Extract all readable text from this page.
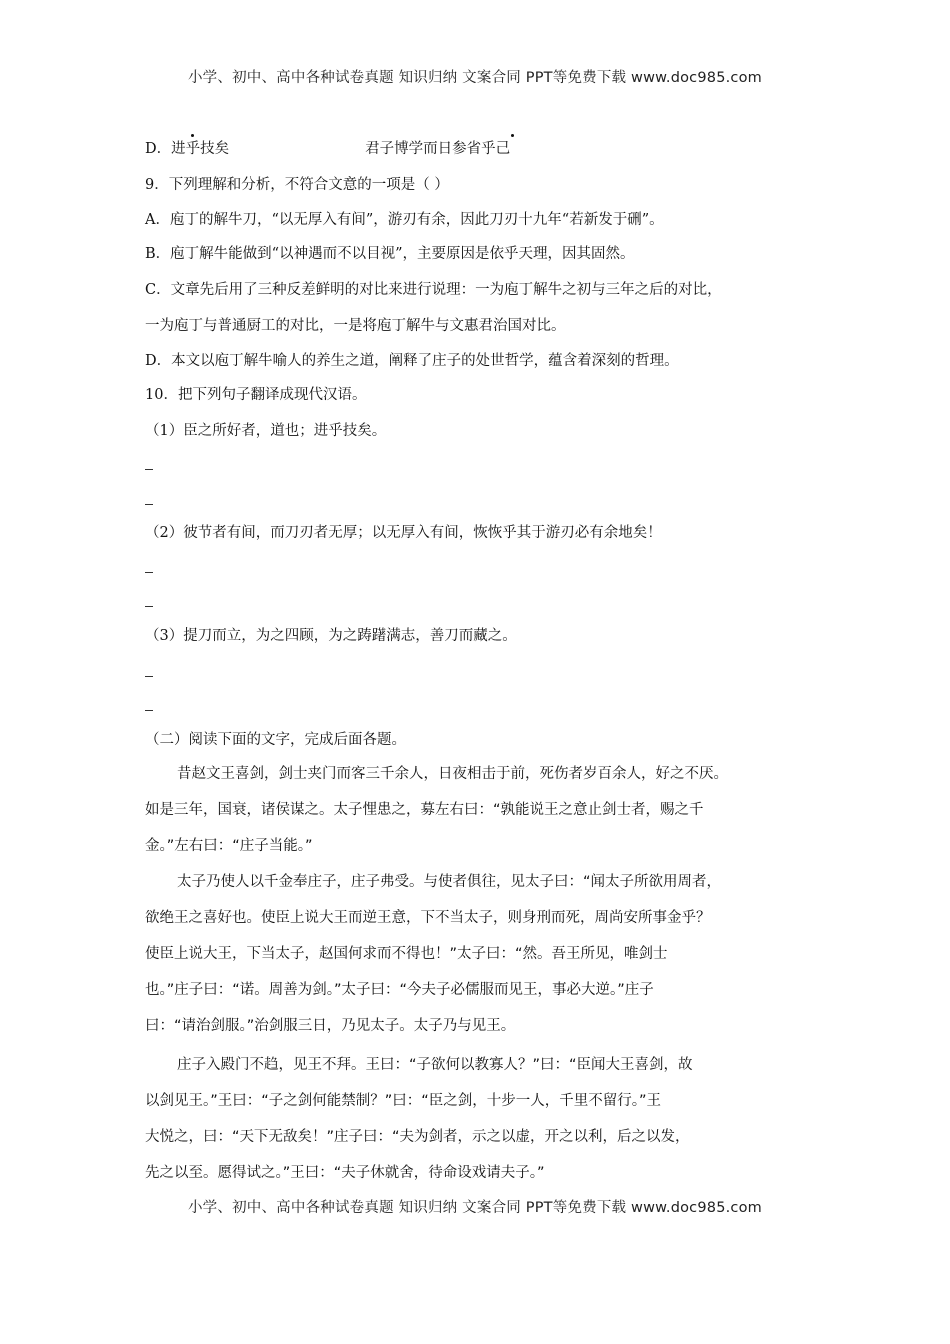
小学、初中、高中各种试卷真题 知识归纳 文案合同 PPT等免费下载 www.doc985.com
D．进乎技矣	君子博学而日参省乎己
9．下列理解和分析，不符合文意的一项是（ ）
A．庖丁的解牛刀，“以无厚入有间”，游刃有余，因此刀刃十九年“若新发于硎”。
B．庖丁解牛能做到“以神遇而不以目视”，主要原因是依乎天理，因其固然。
C．文章先后用了三种反差鲜明的对比来进行说理：一为庖丁解牛之初与三年之后的对比，
一为庖丁与普通厨工的对比，一是将庖丁解牛与文惠君治国对比。
D．本文以庖丁解牛喻人的养生之道，阐释了庄子的处世哲学，蕴含着深刻的哲理。
10．把下列句子翻译成现代汉语。
（1）臣之所好者，道也；进乎技矣。
（2）彼节者有间，而刀刃者无厚；以无厚入有间，恢恢乎其于游刃必有余地矣！
（3）提刀而立，为之四顾，为之踌躇满志，善刀而藏之。
（二）阅读下面的文字，完成后面各题。
昔赵文王喜剑，剑士夹门而客三千余人，日夜相击于前，死伤者岁百余人，好之不厌。
如是三年，国衰，诸侯谋之。太子悝患之，募左右曰：“孰能说王之意止剑士者，赐之千
金。”左右曰：“庄子当能。”
太子乃使人以千金奉庄子，庄子弗受。与使者俱往，见太子曰：“闻太子所欲用周者，
欲绝王之喜好也。使臣上说大王而逆王意，下不当太子，则身刑而死，周尚安所事金乎？
使臣上说大王，下当太子，赵国何求而不得也！”太子曰：“然。吾王所见，唯剑士
也。”庄子曰：“诺。周善为剑。”太子曰：“今夫子必儒服而见王，事必大逆。”庄子
曰：“请治剑服。”治剑服三日，乃见太子。太子乃与见王。
庄子入殿门不趋，见王不拜。王曰：“子欲何以教寡人？”曰：“臣闻大王喜剑，故
以剑见王。”王曰：“子之剑何能禁制？”曰：“臣之剑，十步一人，千里不留行。”王
大悦之，曰：“天下无敌矣！”庄子曰：“夫为剑者，示之以虚，开之以利，后之以发，
先之以至。愿得试之。”王曰：“夫子休就舍，待命设戏请夫子。”
小学、初中、高中各种试卷真题 知识归纳 文案合同 PPT等免费下载 www.doc985.com
